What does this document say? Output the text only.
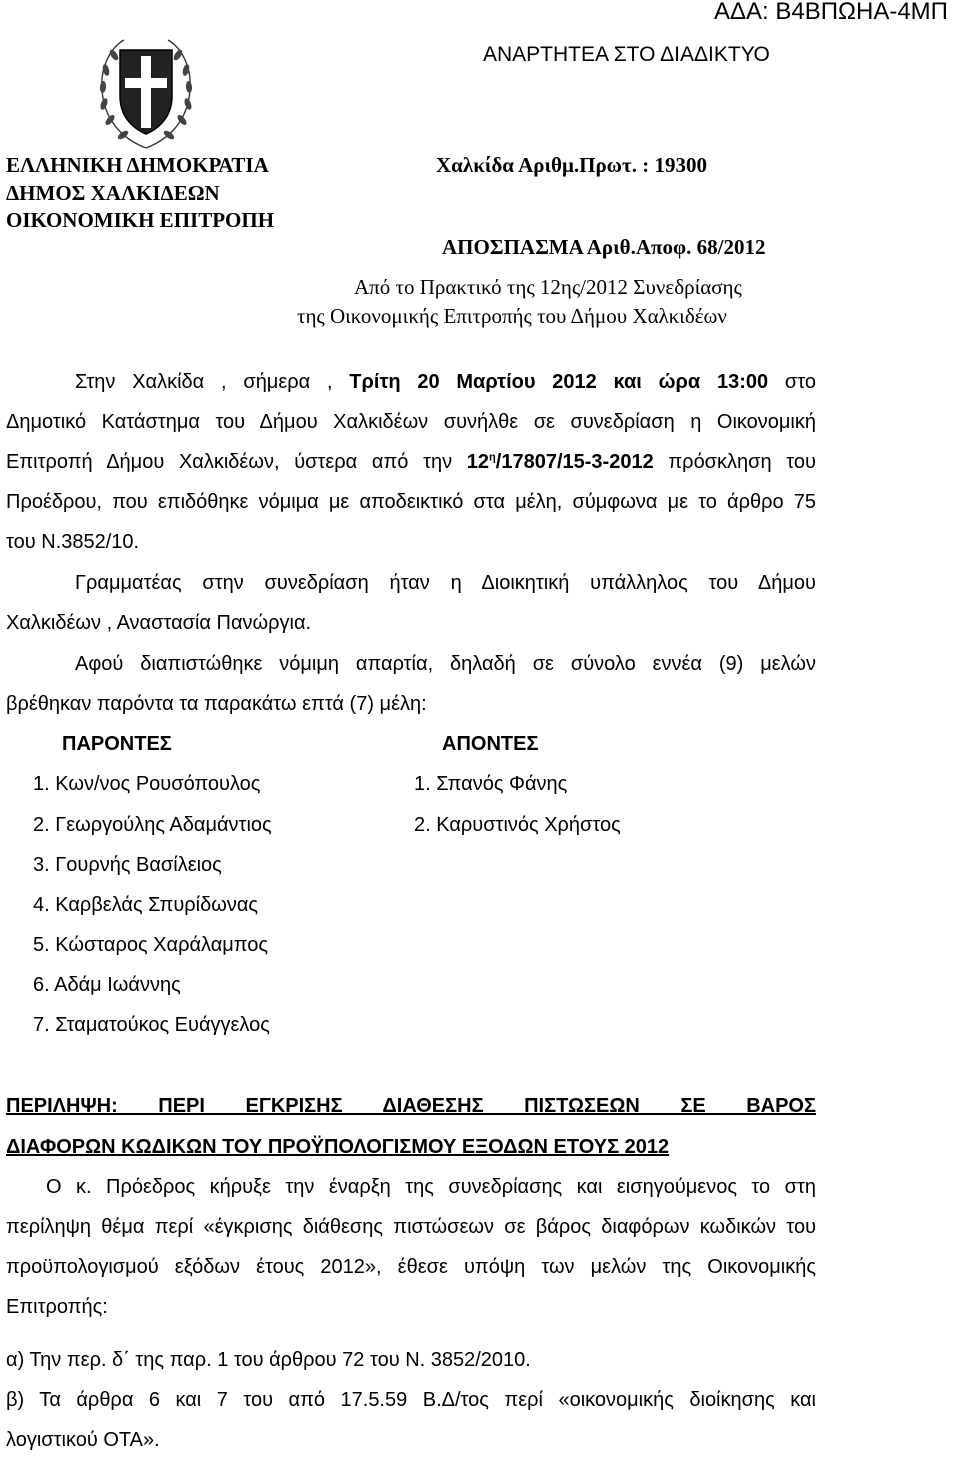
ΑΔΑ: Β4ΒΠΩΗΑ-4ΜΠ
ΑΝΑΡΤΗΤΕΑ ΣΤΟ ΔΙΑΔΙΚΤΥΟ
ΕΛΛΗΝΙΚΗ ΔΗΜΟΚΡΑΤΙΑ
ΔΗΜΟΣ ΧΑΛΚΙΔΕΩΝ
ΟΙΚΟΝΟΜΙΚΗ ΕΠΙΤΡΟΠΗ
Χαλκίδα Αριθμ.Πρωτ. : 19300
ΑΠΟΣΠΑΣΜΑ Αριθ.Αποφ. 68/2012
Από το Πρακτικό της 12ης/2012 Συνεδρίασης
της Οικονομικής Επιτροπής του Δήμου Χαλκιδέων
Στην Χαλκίδα , σήμερα , Τρίτη 20 Μαρτίου 2012 και ώρα 13:00 στο
Δημοτικό Κατάστημα του Δήμου Χαλκιδέων συνήλθε σε συνεδρίαση η Οικονομική
Επιτροπή Δήμου Χαλκιδέων, ύστερα από την $12^\eta/17807/15-3-2012$ πρόσκληση του
Προέδρου, που επιδόθηκε νόμιμα με αποδεικτικό στα μέλη, σύμφωνα με το άρθρο 75
του Ν.3852/10.
Γραμματέας στην συνεδρίαση ήταν η Διοικητική υπάλληλος του Δήμου
Χαλκιδέων , Αναστασία Πανώργια.
Αφού διαπιστώθηκε νόμιμη απαρτία, δηλαδή σε σύνολο εννέα (9) μελών
βρέθηκαν παρόντα τα παρακάτω επτά (7) μέλη:
ΠΑΡΟΝΤΕΣ	ΑΠΟΝΤΕΣ
1. Κων/νος Ρουσόπουλος
2. Γεωργούλης Αδαμάντιος
3. Γουρνής Βασίλειος
4. Καρβελάς Σπυρίδωνας
5. Κώσταρος Χαράλαμπος
6. Αδάμ Ιωάννης
7. Σταματούκος Ευάγγελος
1. Σπανός Φάνης
2. Καρυστινός Χρήστος
ΠΕΡΙΛΗΨΗ: ΠΕΡΙ ΕΓΚΡΙΣΗΣ ΔΙΑΘΕΣΗΣ ΠΙΣΤΩΣΕΩΝ ΣΕ ΒΑΡΟΣ
ΔΙΑΦΟΡΩΝ ΚΩΔΙΚΩΝ ΤΟΥ ΠΡΟΫΠΟΛΟΓΙΣΜΟΥ ΕΞΟΔΩΝ ΕΤΟΥΣ 2012
Ο κ. Πρόεδρος κήρυξε την έναρξη της συνεδρίασης και εισηγούμενος το στη
περίληψη θέμα περί «έγκρισης διάθεσης πιστώσεων σε βάρος διαφόρων κωδικών του
προϋπολογισμού εξόδων έτους 2012», έθεσε υπόψη των μελών της Οικονομικής
Επιτροπής:
α) Την περ. δ΄ της παρ. 1 του άρθρου 72 του Ν. 3852/2010.
β) Τα άρθρα 6 και 7 του από 17.5.59 Β.Δ/τος περί «οικονομικής διοίκησης και
λογιστικού ΟΤΑ».
